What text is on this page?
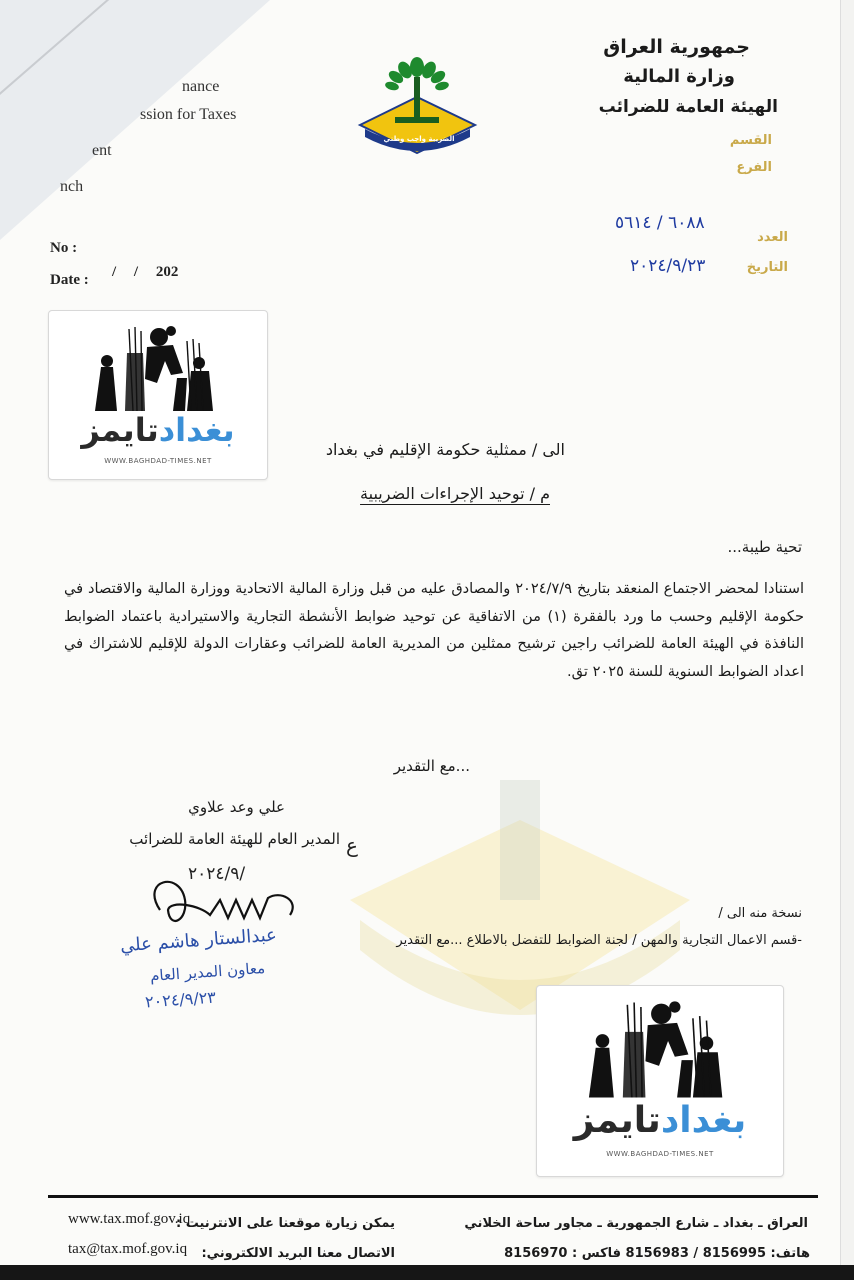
nance
ssion for Taxes
ent
nch
جمهورية العراق
وزارة المالية
الهيئة العامة للضرائب
القسم
الفرع
الضريبة واجب وطني
No :
Date : / / 202
العدد
التاريخ
٦٠٨٨ / ٥٦١٤
٢٠٢٤/٩/٢٣
بغدادتايمز
WWW.BAGHDAD-TIMES.NET
الى / ممثلية حكومة الإقليم في بغداد
م / توحيد الإجراءات الضريبية
تحية طيبة...
استنادا لمحضر الاجتماع المنعقد بتاريخ ٢٠٢٤/٧/٩ والمصادق عليه من قبل وزارة المالية الاتحادية ووزارة المالية والاقتصاد في حكومة الإقليم وحسب ما ورد بالفقرة (١) من الاتفاقية عن توحيد ضوابط الأنشطة التجارية والاستيرادية باعتماد الضوابط النافذة في الهيئة العامة للضرائب راجين ترشيح ممثلين من المديرية العامة للضرائب وعقارات الدولة للإقليم للاشتراك في اعداد الضوابط السنوية للسنة ٢٠٢٥ تق.
...مع التقدير
علي وعد علاوي
المدير العام للهيئة العامة للضرائب ع
٢٠٢٤/٩/
عبدالستار هاشم علي
معاون المدير العام
٢٠٢٤/٩/٢٣
نسخة منه الى /
-قسم الاعمال التجارية والمهن / لجنة الضوابط للتفضل بالاطلاع ...مع التقدير
بغدادتايمز
WWW.BAGHDAD-TIMES.NET
العراق ـ بغداد ـ شارع الجمهورية ـ مجاور ساحة الخلاني
هاتف: 8156995 / 8156983 فاكس : 8156970
يمكن زيارة موقعنا على الانترنيت :
www.tax.mof.gov.iq
الاتصال معنا البريد الالكتروني:
tax@tax.mof.gov.iq
